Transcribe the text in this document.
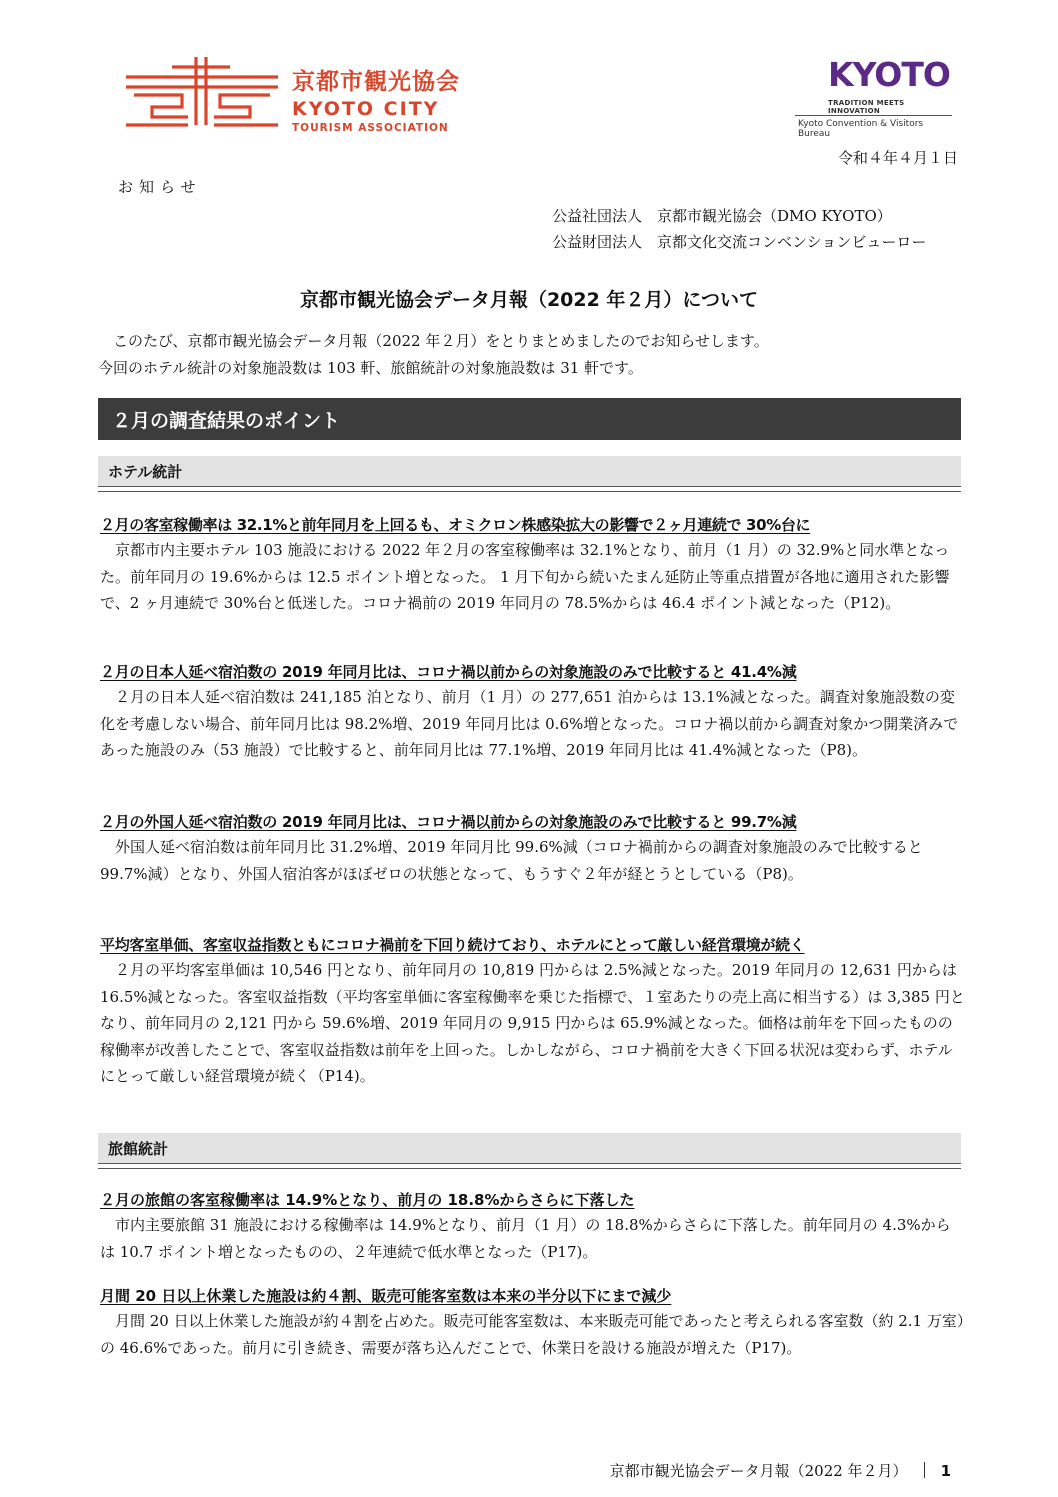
京都市観光協会
KYOTO CITY
TOURISM ASSOCIATION
KYOTO
TRADITION MEETS INNOVATION
Kyoto Convention & Visitors Bureau
令和４年４月１日
お知らせ
公益社団法人　京都市観光協会（DMO KYOTO）
公益財団法人　京都文化交流コンベンションビューロー
京都市観光協会データ月報（2022 年２月）について

このたび、京都市観光協会データ月報（2022 年２月）をとりまとめましたのでお知らせします。

今回のホテル統計の対象施設数は 103 軒、旅館統計の対象施設数は 31 軒です。

２月の調査結果のポイント
ホテル統計
２月の客室稼働率は 32.1%と前年同月を上回るも、オミクロン株感染拡大の影響で２ヶ月連続で 30%台に

京都市内主要ホテル 103 施設における 2022 年２月の客室稼働率は 32.1%となり、前月（1 月）の 32.9%と同水準となった。前年同月の 19.6%からは 12.5 ポイント増となった。 1 月下旬から続いたまん延防止等重点措置が各地に適用された影響で、2 ヶ月連続で 30%台と低迷した。コロナ禍前の 2019 年同月の 78.5%からは 46.4 ポイント減となった（P12)。

２月の日本人延べ宿泊数の 2019 年同月比は、コロナ禍以前からの対象施設のみで比較すると 41.4%減

２月の日本人延べ宿泊数は 241,185 泊となり、前月（1 月）の 277,651 泊からは 13.1%減となった。調査対象施設数の変化を考慮しない場合、前年同月比は 98.2%増、2019 年同月比は 0.6%増となった。コロナ禍以前から調査対象かつ開業済みであった施設のみ（53 施設）で比較すると、前年同月比は 77.1%増、2019 年同月比は 41.4%減となった（P8)。

２月の外国人延べ宿泊数の 2019 年同月比は、コロナ禍以前からの対象施設のみで比較すると 99.7%減

外国人延べ宿泊数は前年同月比 31.2%増、2019 年同月比 99.6%減（コロナ禍前からの調査対象施設のみで比較すると 99.7%減）となり、外国人宿泊客がほぼゼロの状態となって、もうすぐ２年が経とうとしている（P8)。

平均客室単価、客室収益指数ともにコロナ禍前を下回り続けており、ホテルにとって厳しい経営環境が続く

２月の平均客室単価は 10,546 円となり、前年同月の 10,819 円からは 2.5%減となった。2019 年同月の 12,631 円からは 16.5%減となった。客室収益指数（平均客室単価に客室稼働率を乗じた指標で、１室あたりの売上高に相当する）は 3,385 円となり、前年同月の 2,121 円から 59.6%増、2019 年同月の 9,915 円からは 65.9%減となった。価格は前年を下回ったものの稼働率が改善したことで、客室収益指数は前年を上回った。しかしながら、コロナ禍前を大きく下回る状況は変わらず、ホテルにとって厳しい経営環境が続く（P14)。

旅館統計
２月の旅館の客室稼働率は 14.9%となり、前月の 18.8%からさらに下落した

市内主要旅館 31 施設における稼働率は 14.9%となり、前月（1 月）の 18.8%からさらに下落した。前年同月の 4.3%からは 10.7 ポイント増となったものの、２年連続で低水準となった（P17)。

月間 20 日以上休業した施設は約４割、販売可能客室数は本来の半分以下にまで減少

月間 20 日以上休業した施設が約４割を占めた。販売可能客室数は、本来販売可能であったと考えられる客室数（約 2.1 万室）の 46.6%であった。前月に引き続き、需要が落ち込んだことで、休業日を設ける施設が増えた（P17)。

京都市観光協会データ月報（2022 年２月） 1
